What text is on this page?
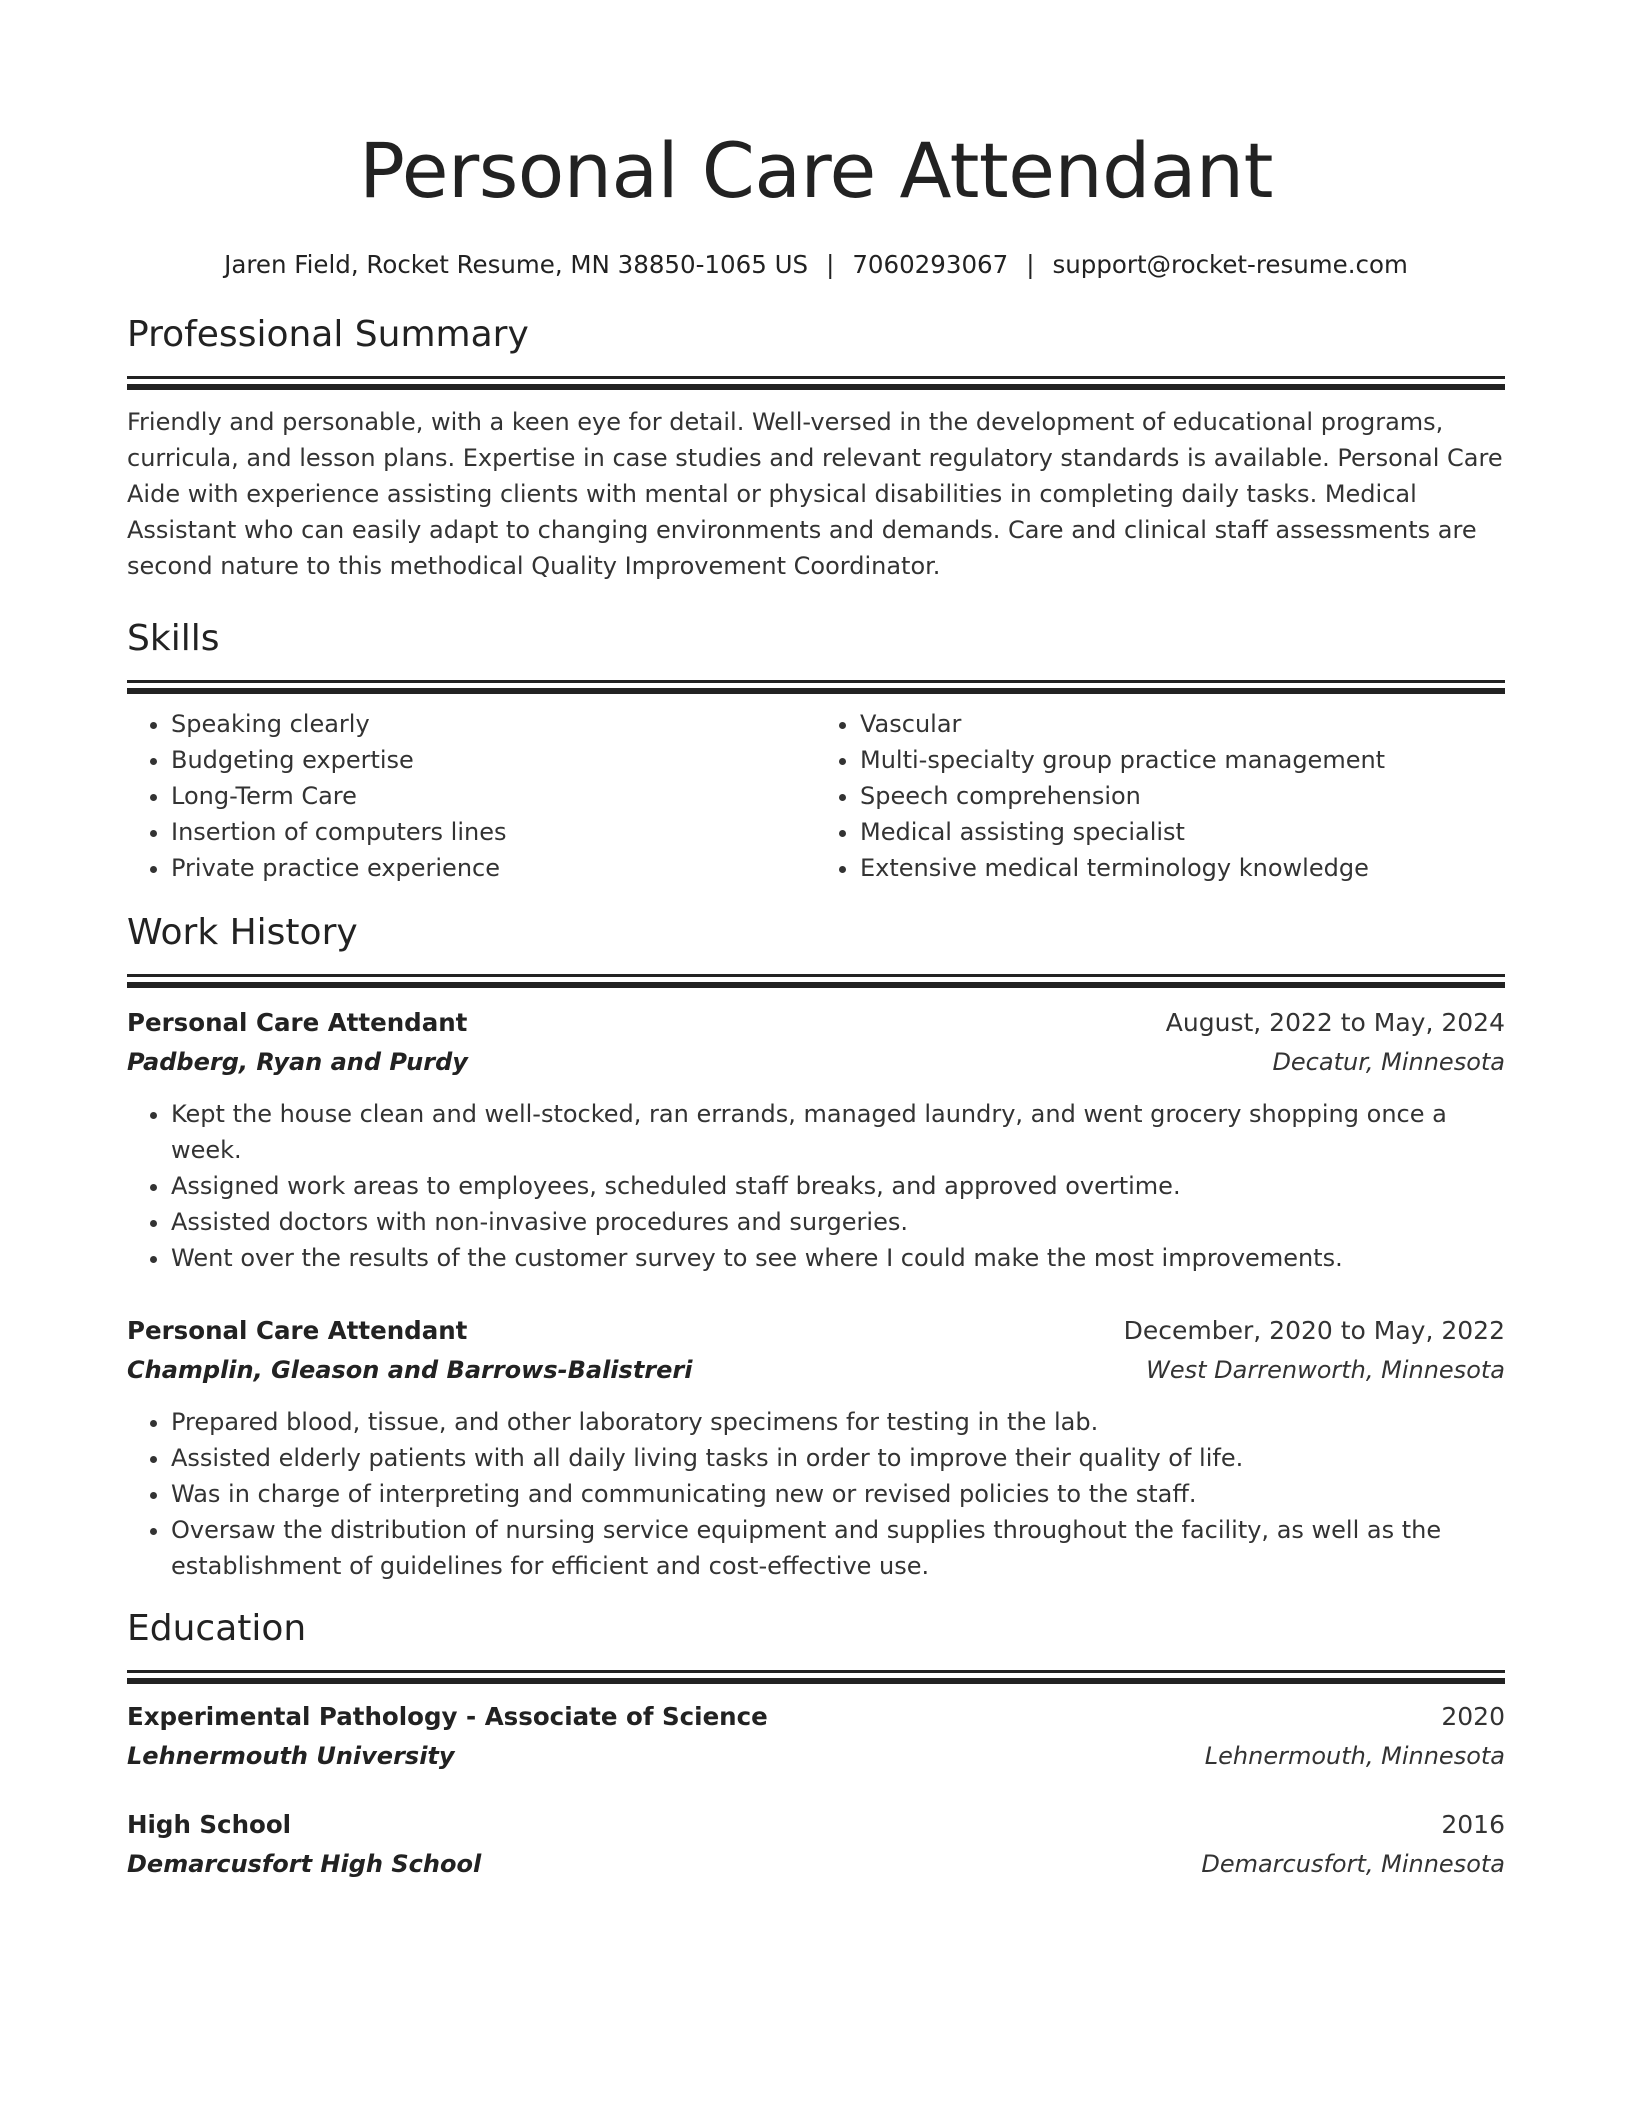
Personal Care Attendant
Jaren Field, Rocket Resume, MN 38850-1065 US | 7060293067 | support@rocket-resume.com
Professional Summary
Friendly and personable, with a keen eye for detail. Well-versed in the development of educational programs, curricula, and lesson plans. Expertise in case studies and relevant regulatory standards is available. Personal Care Aide with experience assisting clients with mental or physical disabilities in completing daily tasks. Medical Assistant who can easily adapt to changing environments and demands. Care and clinical staff assessments are second nature to this methodical Quality Improvement Coordinator.
Skills
• Speaking clearly
• Budgeting expertise
• Long-Term Care
• Insertion of computers lines
• Private practice experience
• Vascular
• Multi-specialty group practice management
• Speech comprehension
• Medical assisting specialist
• Extensive medical terminology knowledge
Work History
Personal Care Attendant	August, 2022 to May, 2024
Padberg, Ryan and Purdy	Decatur, Minnesota
• Kept the house clean and well-stocked, ran errands, managed laundry, and went grocery shopping once a week.
• Assigned work areas to employees, scheduled staff breaks, and approved overtime.
• Assisted doctors with non-invasive procedures and surgeries.
• Went over the results of the customer survey to see where I could make the most improvements.
Personal Care Attendant	December, 2020 to May, 2022
Champlin, Gleason and Barrows-Balistreri	West Darrenworth, Minnesota
• Prepared blood, tissue, and other laboratory specimens for testing in the lab.
• Assisted elderly patients with all daily living tasks in order to improve their quality of life.
• Was in charge of interpreting and communicating new or revised policies to the staff.
• Oversaw the distribution of nursing service equipment and supplies throughout the facility, as well as the establishment of guidelines for efficient and cost-effective use.
Education
Experimental Pathology - Associate of Science	2020
Lehnermouth University	Lehnermouth, Minnesota
High School	2016
Demarcusfort High School	Demarcusfort, Minnesota
